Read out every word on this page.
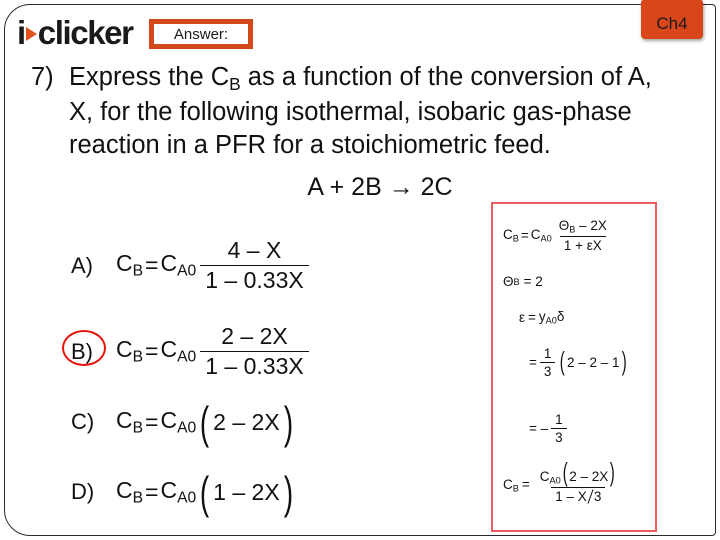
i clicker	Answer:
Ch4
7) Express the $C_B$ as a function of the conversion of A, X, for the following isothermal, isobaric gas-phase reaction in a PFR for a stoichiometric feed.
A + 2B → 2C
A)	$C_B = C_{A0} \frac{4 - X}{1 - 0.33X}$
B)	$C_B = C_{A0} \frac{2 - 2X}{1 - 0.33X}$
C) $C_B = C_{A0}$ ( 2 – 2X )
D) $C_B = C_{A0}$ ( 1 – 2X )
$C_B = C_{A0} \frac{\Theta_B - 2X}{1 + \varepsilon X}$
Θ B = 2
$\varepsilon = y_{A0}\delta$
= $\frac{1}{3}$ ( 2 – 2 – 1 )
= – $\frac{1}{3}$
$C_B = \frac{C_{A0}( 2 - 2X)}{1 - X 3}$
